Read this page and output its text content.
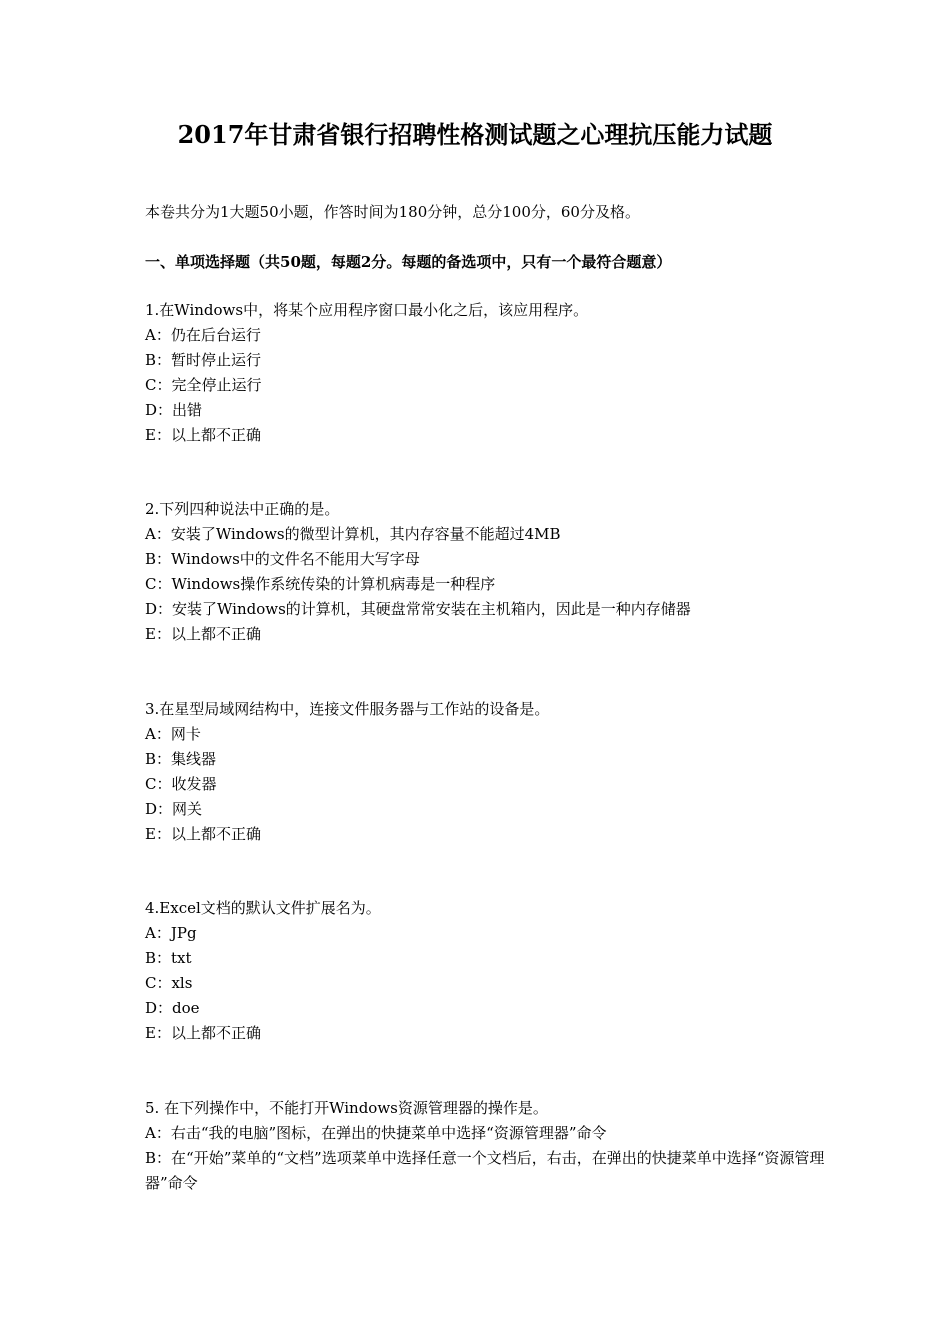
2017年甘肃省银行招聘性格测试题之心理抗压能力试题
本卷共分为1大题50小题，作答时间为180分钟，总分100分，60分及格。
一、单项选择题（共50题，每题2分。每题的备选项中，只有一个最符合题意）
1.在Windows中，将某个应用程序窗口最小化之后，该应用程序。
A：仍在后台运行
B：暂时停止运行
C：完全停止运行
D：出错
E：以上都不正确
2.下列四种说法中正确的是。
A：安装了Windows的微型计算机，其内存容量不能超过4MB
B：Windows中的文件名不能用大写字母
C：Windows操作系统传染的计算机病毒是一种程序
D：安装了Windows的计算机，其硬盘常常安装在主机箱内，因此是一种内存储器
E：以上都不正确
3.在星型局域网结构中，连接文件服务器与工作站的设备是。
A：网卡
B：集线器
C：收发器
D：网关
E：以上都不正确
4.Excel文档的默认文件扩展名为。
A：JPg
B：txt
C：xls
D：doe
E：以上都不正确
5. 在下列操作中，不能打开Windows资源管理器的操作是。
A：右击“我的电脑”图标，在弹出的快捷菜单中选择“资源管理器”命令
B：在“开始”菜单的“文档”选项菜单中选择任意一个文档后，右击，在弹出的快捷菜单中选择“资源管理器”命令
